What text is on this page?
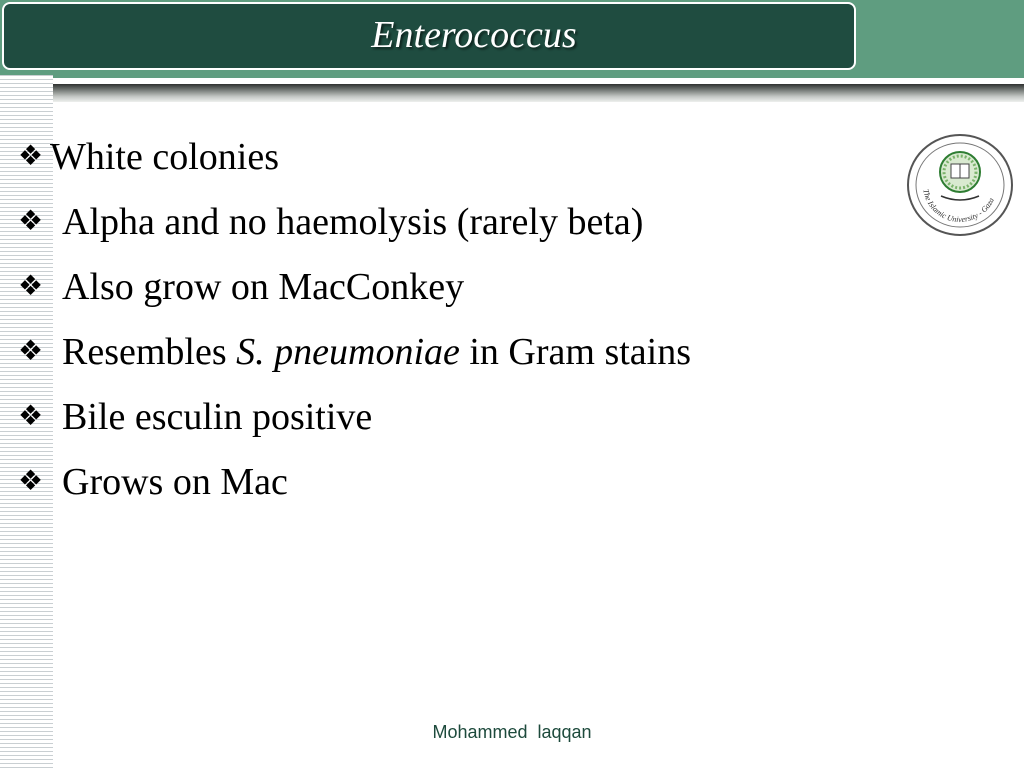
Enterococcus
❖ White colonies
❖ Alpha and no haemolysis (rarely beta)
❖ Also grow on MacConkey
❖ Resembles S. pneumoniae in Gram stains
❖ Bile esculin positive
❖ Grows on Mac
The Islamic University - Gaza
Mohammed  laqqan
